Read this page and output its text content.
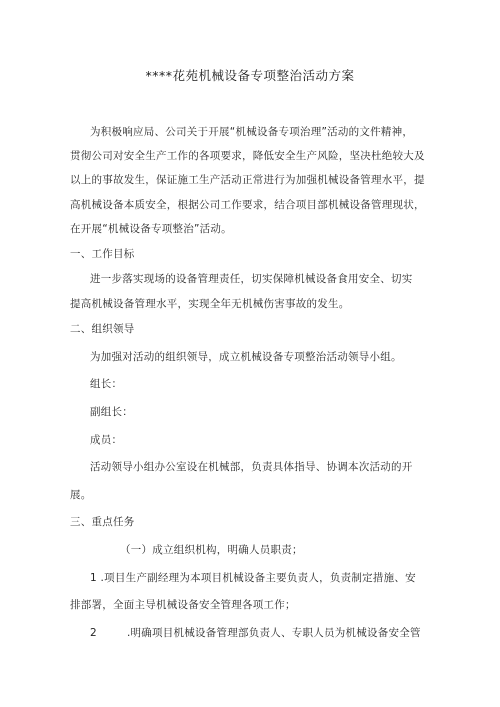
****花苑机械设备专项整治活动方案
为积极响应局、公司关于开展“机械设备专项治理”活动的文件精神，
贯彻公司对安全生产工作的各项要求，降低安全生产风险，坚决杜绝较大及
以上的事故发生，保证施工生产活动正常进行为加强机械设备管理水平，提
高机械设备本质安全，根据公司工作要求，结合项目部机械设备管理现状，
在开展“机械设备专项整治”活动。
一、工作目标
进一步落实现场的设备管理责任，切实保障机械设备食用安全、切实
提高机械设备管理水平，实现全年无机械伤害事故的发生。
二、组织领导
为加强对活动的组织领导，成立机械设备专项整治活动领导小组。
组长：
副组长：
成员：
活动领导小组办公室设在机械部，负责具体指导、协调本次活动的开
展。
三、重点任务
（一）成立组织机构，明确人员职责；
1 .项目生产副经理为本项目机械设备主要负责人，负责制定措施、安
排部署，全面主导机械设备安全管理各项工作；
2	.明确项目机械设备管理部负责人、专职人员为机械设备安全管
